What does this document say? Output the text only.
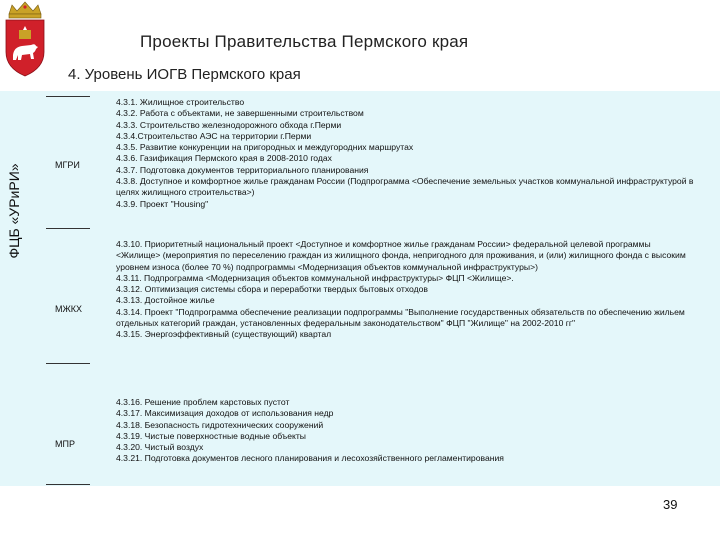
Проекты Правительства Пермского края
4. Уровень ИОГВ Пермского края
ФЦБ «УРиРИ»	МГРИ
МЖКХ
МПР
4.3.1. Жилищное строительство
4.3.2. Работа с объектами, не завершенными строительством
4.3.3. Строительство железнодорожного обхода г.Перми
4.3.4.Строительство АЭС на территории г.Перми
4.3.5. Развитие конкуренции на пригородных и междугородних маршрутах
4.3.6. Газификация Пермского края в 2008-2010 годах
4.3.7. Подготовка документов территориального планирования
4.3.8. Доступное и комфортное жилье гражданам России (Подпрограмма <Обеспечение земельных участков коммунальной инфраструктурой в целях жилищного строительства>)
4.3.9. Проект "Housing"
4.3.10. Приоритетный национальный проект <Доступное и комфортное жилье гражданам России> федеральной целевой программы <Жилище> (мероприятия по переселению граждан из жилищного фонда, непригодного для проживания, и (или) жилищного фонда с высоким уровнем износа (более 70 %) подпрограммы <Модернизация объектов коммунальной инфраструктуры>)
4.3.11. Подпрограмма <Модернизация объектов коммунальной инфраструктуры> ФЦП <Жилище>.
4.3.12. Оптимизация системы сбора и переработки твердых бытовых отходов
4.3.13. Достойное жилье
4.3.14. Проект "Подпрограмма обеспечение реализации подпрограммы "Выполнение государственных обязательств по обеспечению жильем отдельных категорий граждан, установленных федеральным законодательством" ФЦП "Жилище" на 2002-2010 гг"
4.3.15. Энергоэффективный (существующий) квартал
4.3.16. Решение проблем карстовых пустот
4.3.17. Максимизация доходов от использования недр
4.3.18. Безопасность гидротехнических сооружений
4.3.19. Чистые поверхностные водные объекты
4.3.20. Чистый воздух
4.3.21. Подготовка документов лесного планирования и лесохозяйственного регламентирования
39
